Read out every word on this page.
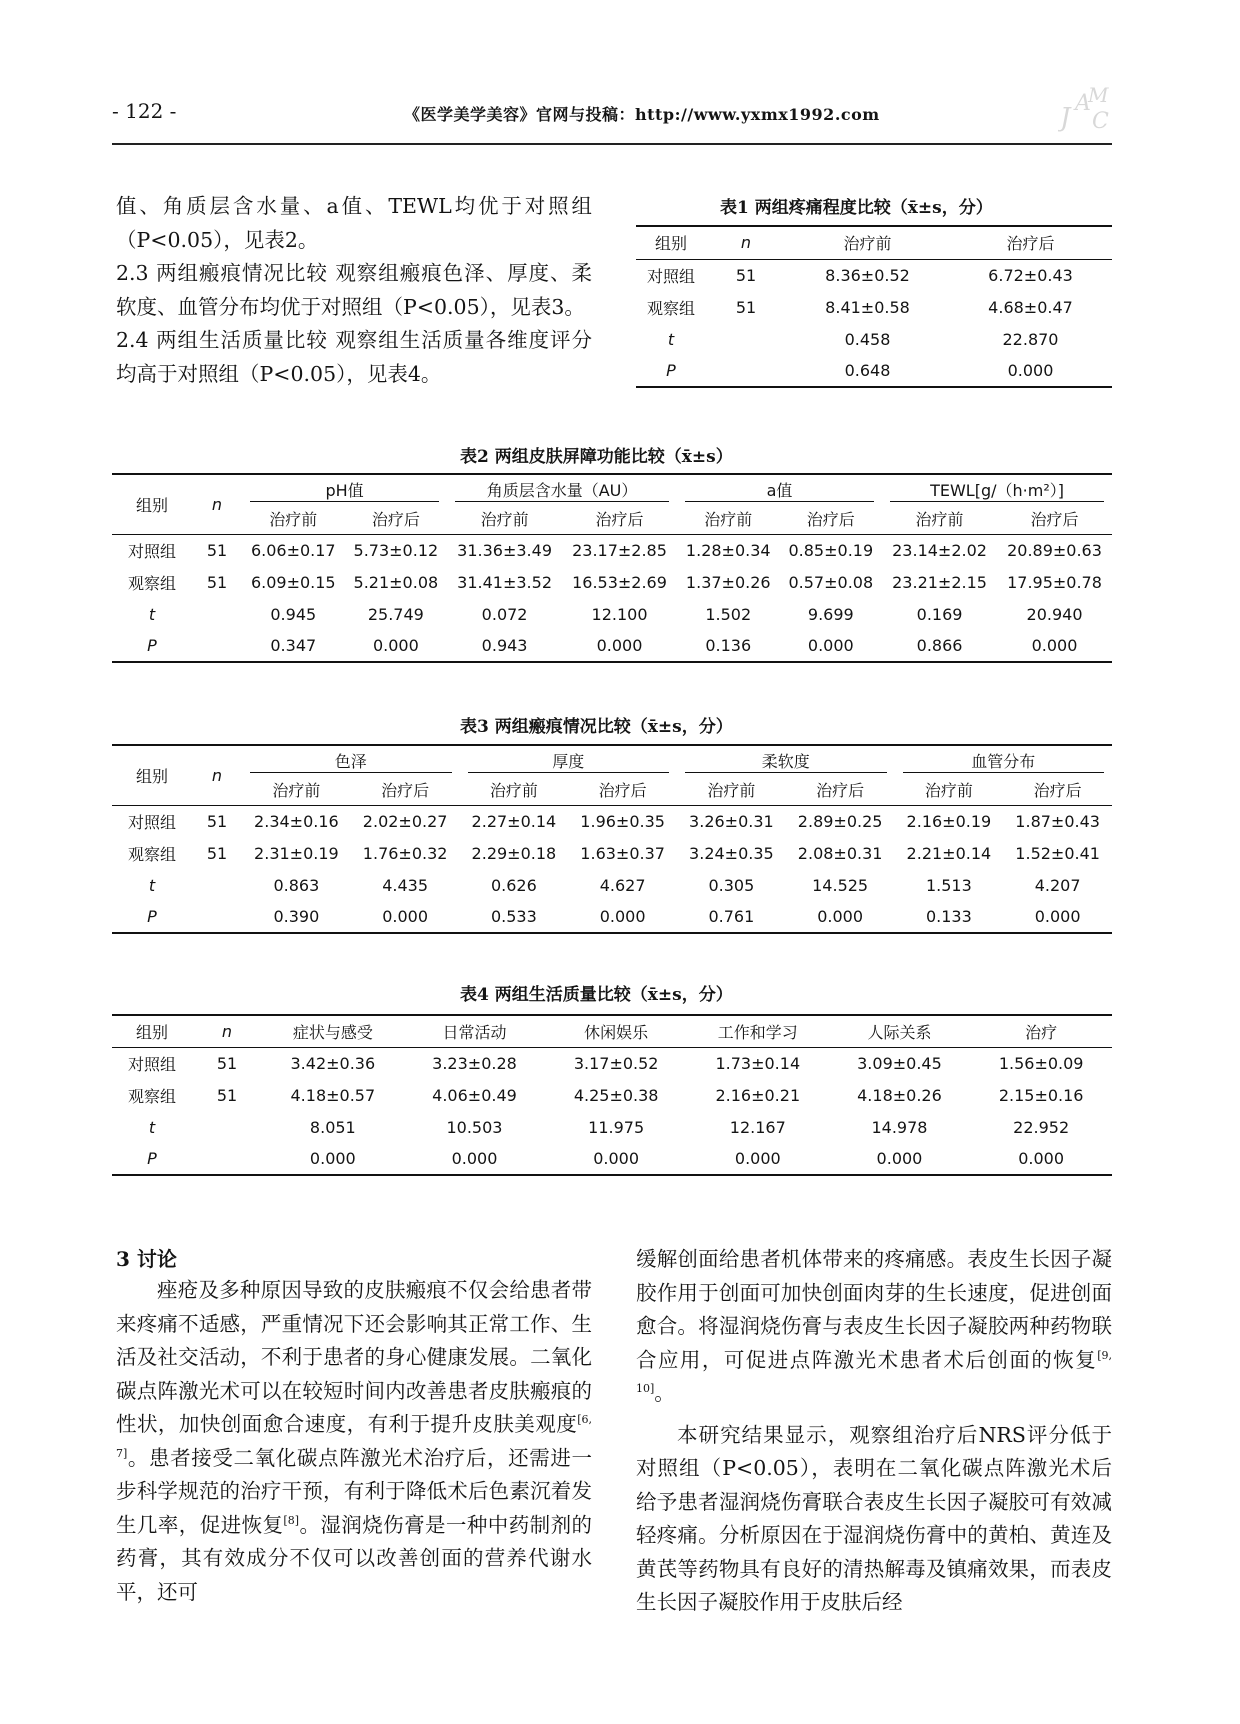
- 122 -	《医学美学美容》官网与投稿：http://www.yxmx1992.com	J A
M
C

值、角质层含水量、a值、TEWL均优于对照组（P<0.05），见表2。

2.3 两组瘢痕情况比较 观察组瘢痕色泽、厚度、柔软度、血管分布均优于对照组（P<0.05），见表3。

2.4 两组生活质量比较 观察组生活质量各维度评分均高于对照组（P<0.05），见表4。

表1 两组疼痛程度比较（x̄±s，分）
组别	n	治疗前	治疗后
对照组	51	8.36±0.52	6.72±0.43
观察组	51	8.41±0.58	4.68±0.47
t		0.458	22.870
P		0.648	0.000
表2 两组皮肤屏障功能比较（x̄±s）
组别	n	pH值		角质层含水量（AU）		a值		TEWL[g/（h·m²）]	

		治疗前	治疗后	治疗前	治疗后	治疗前	治疗后	治疗前	治疗后
对照组	51	6.06±0.17	5.73±0.12	31.36±3.49	23.17±2.85	1.28±0.34	0.85±0.19	23.14±2.02	20.89±0.63
观察组	51	6.09±0.15	5.21±0.08	31.41±3.52	16.53±2.69	1.37±0.26	0.57±0.08	23.21±2.15	17.95±0.78
t		0.945	25.749	0.072	12.100	1.502	9.699	0.169	20.940
P		0.347	0.000	0.943	0.000	0.136	0.000	0.866	0.000
表3 两组瘢痕情况比较（x̄±s，分）
组别	n	色泽		厚度		柔软度		血管分布	

		治疗前	治疗后	治疗前	治疗后	治疗前	治疗后	治疗前	治疗后
对照组	51	2.34±0.16	2.02±0.27	2.27±0.14	1.96±0.35	3.26±0.31	2.89±0.25	2.16±0.19	1.87±0.43
观察组	51	2.31±0.19	1.76±0.32	2.29±0.18	1.63±0.37	3.24±0.35	2.08±0.31	2.21±0.14	1.52±0.41
t		0.863	4.435	0.626	4.627	0.305	14.525	1.513	4.207
P		0.390	0.000	0.533	0.000	0.761	0.000	0.133	0.000
表4 两组生活质量比较（x̄±s，分）
组别	n	症状与感受	日常活动	休闲娱乐	工作和学习	人际关系	治疗
对照组	51	3.42±0.36	3.23±0.28	3.17±0.52	1.73±0.14	3.09±0.45	1.56±0.09
观察组	51	4.18±0.57	4.06±0.49	4.25±0.38	2.16±0.21	4.18±0.26	2.15±0.16
t		8.051	10.503	11.975	12.167	14.978	22.952
P		0.000	0.000	0.000	0.000	0.000	0.000
3 讨论

痤疮及多种原因导致的皮肤瘢痕不仅会给患者带来疼痛不适感，严重情况下还会影响其正常工作、生活及社交活动，不利于患者的身心健康发展。二氧化碳点阵激光术可以在较短时间内改善患者皮肤瘢痕的性状，加快创面愈合速度，有利于提升皮肤美观度[6, 7]。患者接受二氧化碳点阵激光术治疗后，还需进一步科学规范的治疗干预，有利于降低术后色素沉着发生几率，促进恢复[8]。湿润烧伤膏是一种中药制剂的药膏，其有效成分不仅可以改善创面的营养代谢水平，还可

缓解创面给患者机体带来的疼痛感。表皮生长因子凝胶作用于创面可加快创面肉芽的生长速度，促进创面愈合。将湿润烧伤膏与表皮生长因子凝胶两种药物联合应用，可促进点阵激光术患者术后创面的恢复[9, 10]。

本研究结果显示，观察组治疗后NRS评分低于对照组（P<0.05），表明在二氧化碳点阵激光术后给予患者湿润烧伤膏联合表皮生长因子凝胶可有效减轻疼痛。分析原因在于湿润烧伤膏中的黄柏、黄连及黄芪等药物具有良好的清热解毒及镇痛效果，而表皮生长因子凝胶作用于皮肤后经
